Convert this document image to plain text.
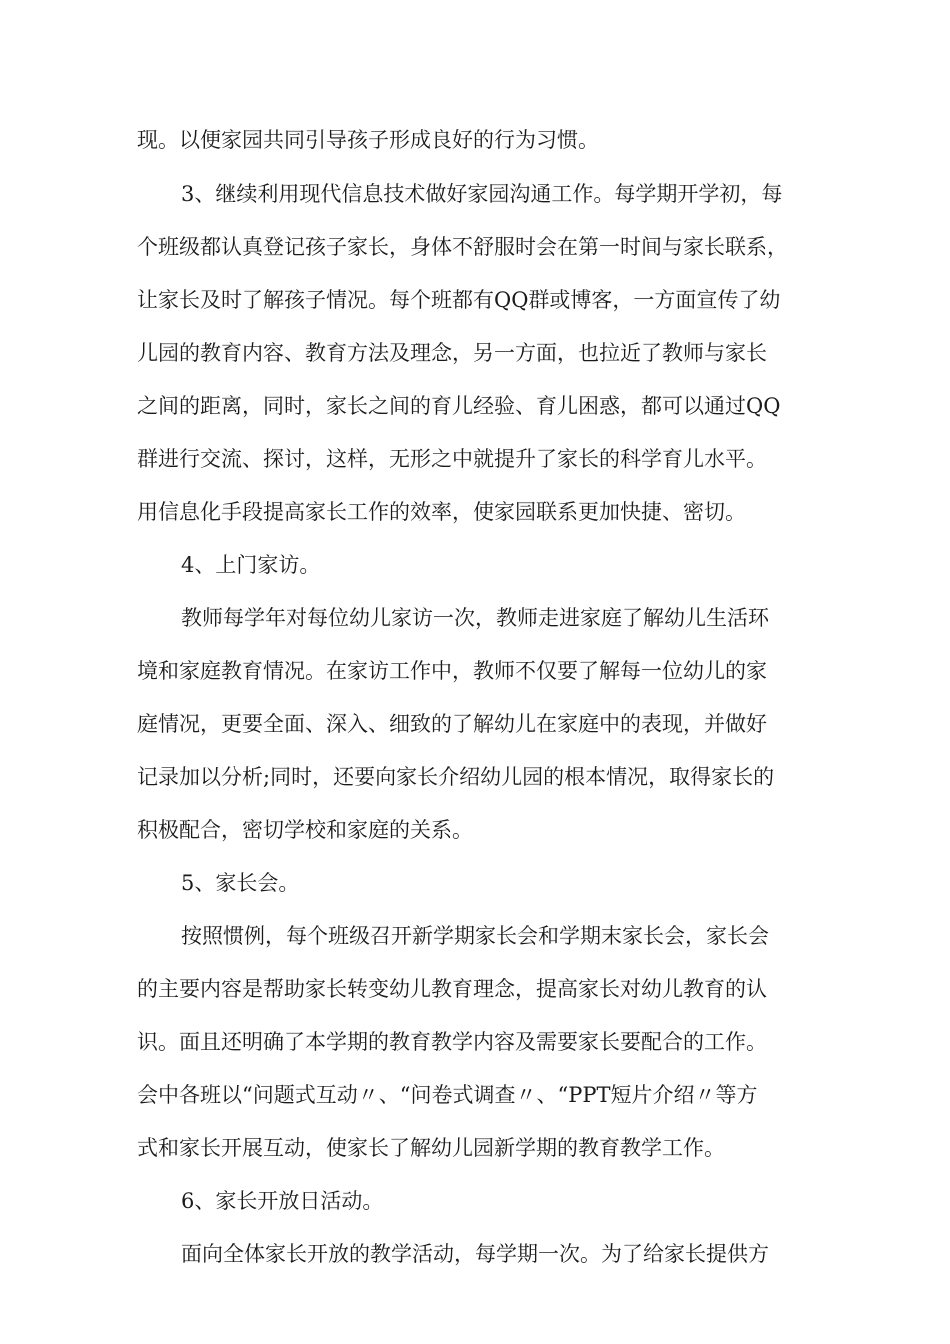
现。以便家园共同引导孩子形成良好的行为习惯。
3、继续利用现代信息技术做好家园沟通工作。每学期开学初，每
个班级都认真登记孩子家长，身体不舒服时会在第一时间与家长联系，
让家长及时了解孩子情况。每个班都有QQ群或博客，一方面宣传了幼
儿园的教育内容、教育方法及理念，另一方面，也拉近了教师与家长
之间的距离，同时，家长之间的育儿经验、育儿困惑，都可以通过QQ
群进行交流、探讨，这样，无形之中就提升了家长的科学育儿水平。
用信息化手段提高家长工作的效率，使家园联系更加快捷、密切。
4、上门家访。
教师每学年对每位幼儿家访一次，教师走进家庭了解幼儿生活环
境和家庭教育情况。在家访工作中，教师不仅要了解每一位幼儿的家
庭情况，更要全面、深入、细致的了解幼儿在家庭中的表现，并做好
记录加以分析;同时，还要向家长介绍幼儿园的根本情况，取得家长的
积极配合，密切学校和家庭的关系。
5、家长会。
按照惯例，每个班级召开新学期家长会和学期末家长会，家长会
的主要内容是帮助家长转变幼儿教育理念，提高家长对幼儿教育的认
识。面且还明确了本学期的教育教学内容及需要家长要配合的工作。
会中各班以“问题式互动〃、“问卷式调查〃、“PPT短片介绍〃等方
式和家长开展互动，使家长了解幼儿园新学期的教育教学工作。
6、家长开放日活动。
面向全体家长开放的教学活动，每学期一次。为了给家长提供方
